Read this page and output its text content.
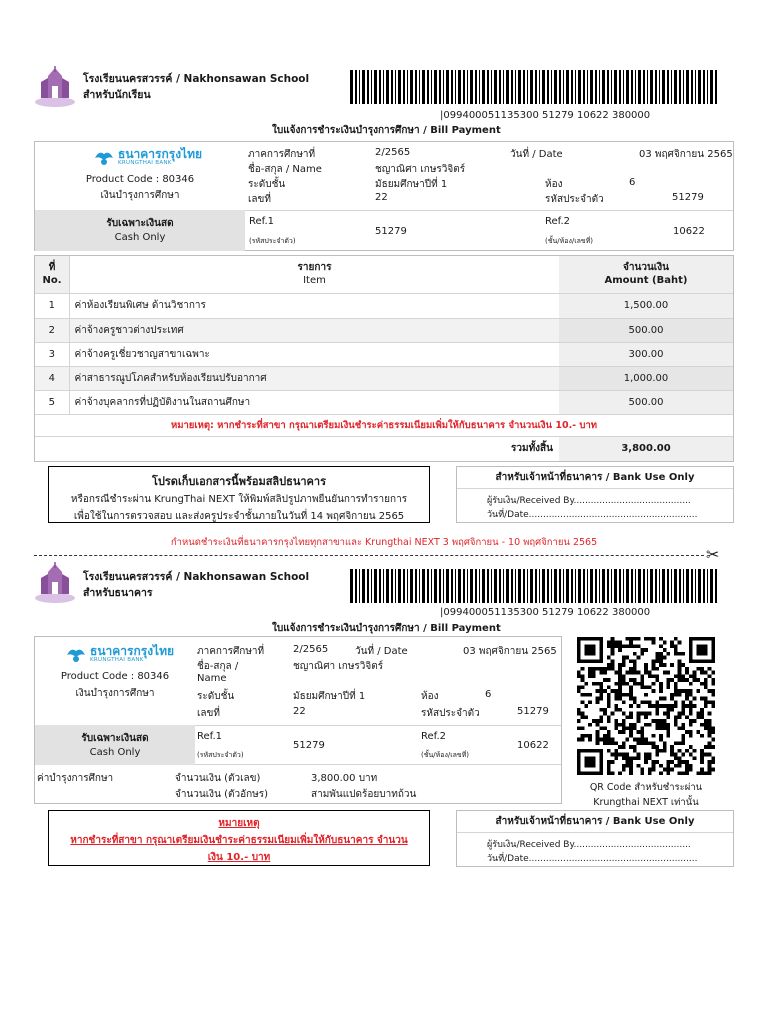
โรงเรียนนครสวรรค์ / Nakhonsawan School
สำหรับนักเรียน
|099400051135300 51279 10622 380000
ใบแจ้งการชำระเงินบำรุงการศึกษา / Bill Payment
ธนาคารกรุงไทย
KRUNGTHAI BANK
Product Code : 80346
เงินบำรุงการศึกษา
รับเฉพาะเงินสด
Cash Only
ภาคการศึกษาที่	2/2565	วันที่ / Date	03 พฤศจิกายน 2565
ชื่อ-สกุล / Name	ชญาณิศา เกษรวิจิตร์
ระดับชั้น	มัธยมศึกษาปีที่ 1	ห้อง	6
เลขที่	22	รหัสประจำตัว	51279
Ref.1
(รหัสประจำตัว)
51279
Ref.2
(ชั้น/ห้อง/เลขที่)
10622
ที่
No.
รายการ
Item
จำนวนเงิน
Amount (Baht)
1	ค่าห้องเรียนพิเศษ ด้านวิชาการ	1,500.00
2	ค่าจ้างครูชาวต่างประเทศ	500.00
3	ค่าจ้างครูเชี่ยวชาญสาขาเฉพาะ	300.00
4	ค่าสาธารณูปโภคสำหรับห้องเรียนปรับอากาศ	1,000.00
5	ค่าจ้างบุคลากรที่ปฏิบัติงานในสถานศึกษา	500.00
หมายเหตุ: หากชำระที่สาขา กรุณาเตรียมเงินชำระค่าธรรมเนียมเพิ่มให้กับธนาคาร จำนวนเงิน 10.- บาท
รวมทั้งสิ้น	3,800.00
โปรดเก็บเอกสารนี้พร้อมสลิปธนาคาร
หรือกรณีชำระผ่าน KrungThai NEXT ให้พิมพ์สลิปรูปภาพยืนยันการทำรายการ
เพื่อใช้ในการตรวจสอบ และส่งครูประจำชั้นภายในวันที่ 14 พฤศจิกายน 2565
สำหรับเจ้าหน้าที่ธนาคาร / Bank Use Only
ผู้รับเงิน/Received By.........................................
วันที่/Date...........................................................
กำหนดชำระเงินที่ธนาคารกรุงไทยทุกสาขาและ Krungthai NEXT 3 พฤศจิกายน - 10 พฤศจิกายน 2565
✂
โรงเรียนนครสวรรค์ / Nakhonsawan School
สำหรับธนาคาร
|099400051135300 51279 10622 380000
ใบแจ้งการชำระเงินบำรุงการศึกษา / Bill Payment
ธนาคารกรุงไทย
KRUNGTHAI BANK
Product Code : 80346
เงินบำรุงการศึกษา
รับเฉพาะเงินสด
Cash Only
ภาคการศึกษาที่	2/2565	วันที่ / Date	03 พฤศจิกายน 2565
ชื่อ-สกุล /
Name
ชญาณิศา เกษรวิจิตร์
ระดับชั้น	มัธยมศึกษาปีที่ 1	ห้อง	6
เลขที่	22	รหัสประจำตัว	51279
Ref.1
(รหัสประจำตัว)
51279
Ref.2
(ชั้น/ห้อง/เลขที่)
10622
ค่าบำรุงการศึกษา	จำนวนเงิน (ตัวเลข)	3,800.00 บาท
จำนวนเงิน (ตัวอักษร)	สามพันแปดร้อยบาทถ้วน
QR Code สำหรับชำระผ่าน
Krungthai NEXT เท่านั้น
หมายเหตุ
หากชำระที่สาขา กรุณาเตรียมเงินชำระค่าธรรมเนียมเพิ่มให้กับธนาคาร จำนวน
เงิน 10.- บาท
สำหรับเจ้าหน้าที่ธนาคาร / Bank Use Only
ผู้รับเงิน/Received By.........................................
วันที่/Date...........................................................
